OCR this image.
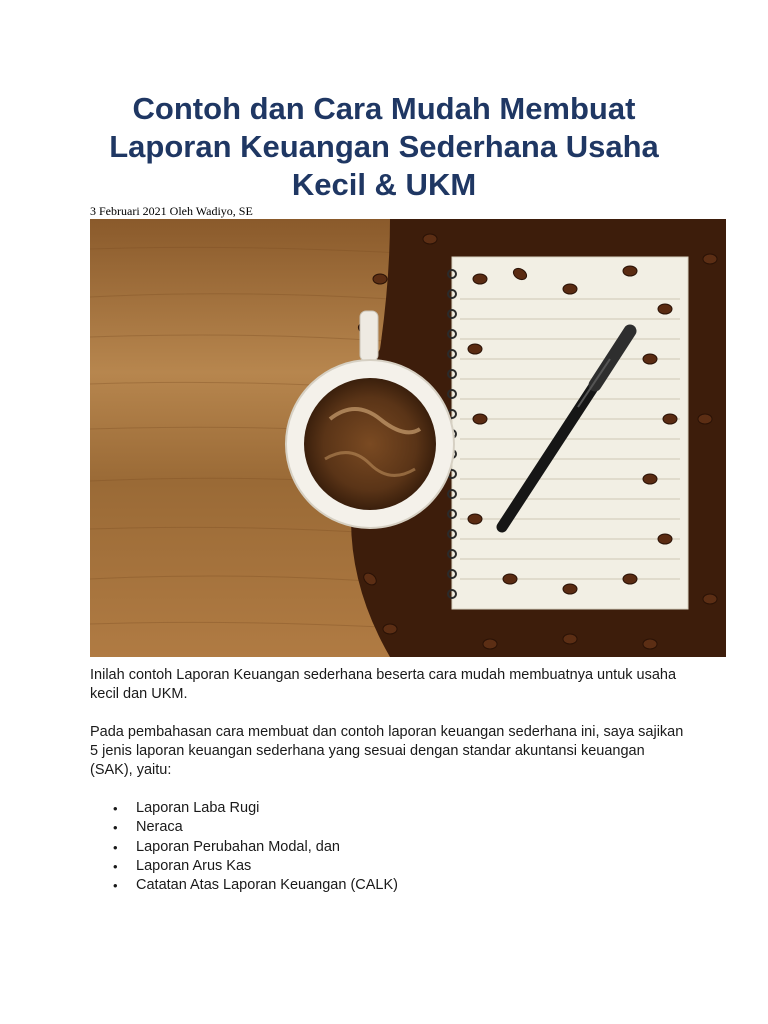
Contoh dan Cara Mudah Membuat Laporan Keuangan Sederhana Usaha Kecil & UKM
3 Februari 2021 Oleh Wadiyo, SE

Inilah contoh Laporan Keuangan sederhana beserta cara mudah membuatnya untuk usaha kecil dan UKM.

Pada pembahasan cara membuat dan contoh laporan keuangan sederhana ini, saya sajikan 5 jenis laporan keuangan sederhana yang sesuai dengan standar akuntansi keuangan (SAK), yaitu:

• Laporan Laba Rugi
• Neraca
• Laporan Perubahan Modal, dan
• Laporan Arus Kas
• Catatan Atas Laporan Keuangan (CALK)
